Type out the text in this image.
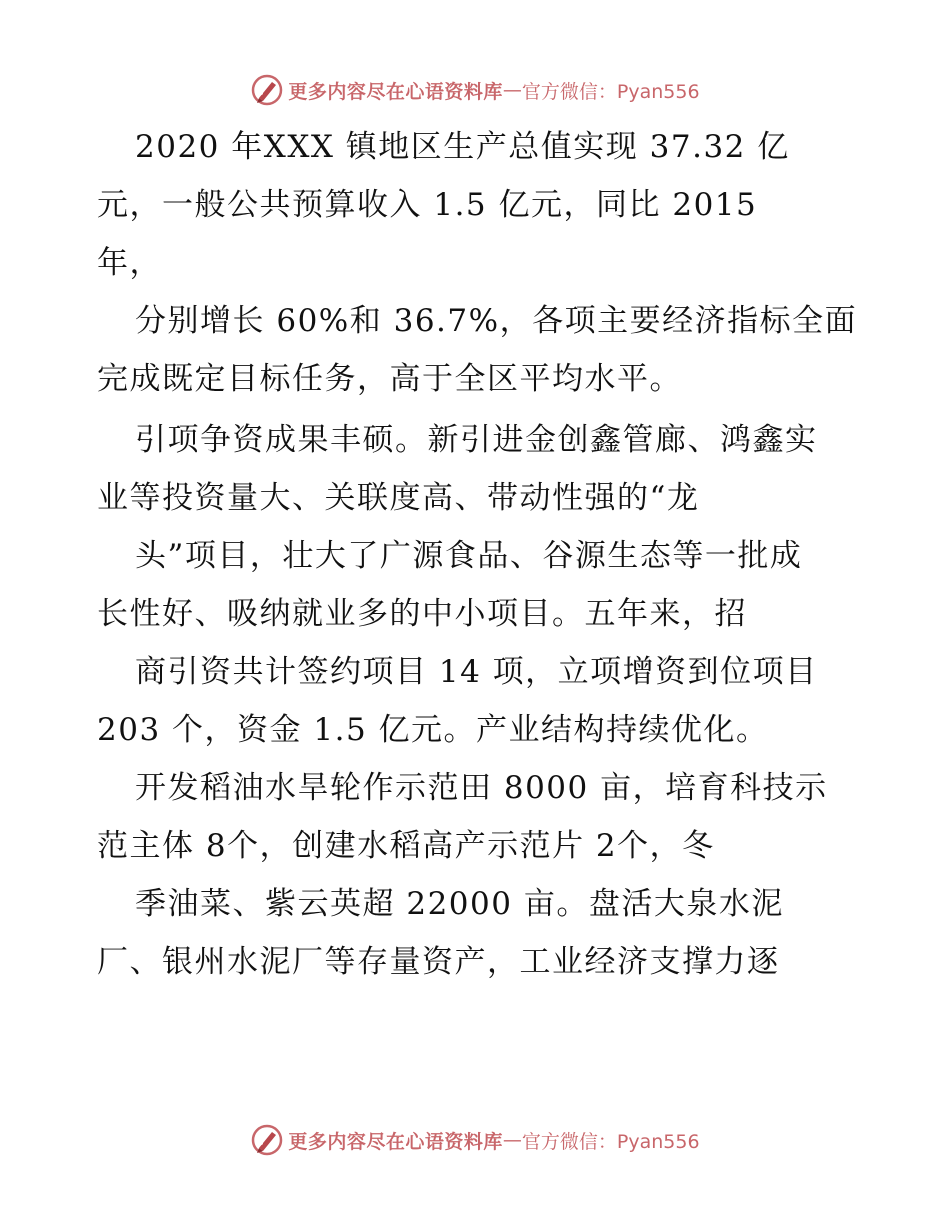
更多内容尽在心语资料库 — 官方微信：Pyan556
2020 年XXX 镇地区生产总值实现 37.32 亿
元，一般公共预算收入 1.5 亿元，同比 2015
年，
分别增长 60%和 36.7%，各项主要经济指标全面
完成既定目标任务，高于全区平均水平。
引项争资成果丰硕。新引进金创鑫管廊、鸿鑫实
业等投资量大、关联度高、带动性强的“龙
头”项目，壮大了广源食品、谷源生态等一批成
长性好、吸纳就业多的中小项目。五年来，招
商引资共计签约项目 14 项，立项增资到位项目
203 个，资金 1.5 亿元。产业结构持续优化。
开发稻油水旱轮作示范田 8000 亩，培育科技示
范主体 8个，创建水稻高产示范片 2个，冬
季油菜、紫云英超 22000 亩。盘活大泉水泥
厂、银州水泥厂等存量资产，工业经济支撑力逐
更多内容尽在心语资料库 — 官方微信：Pyan556
